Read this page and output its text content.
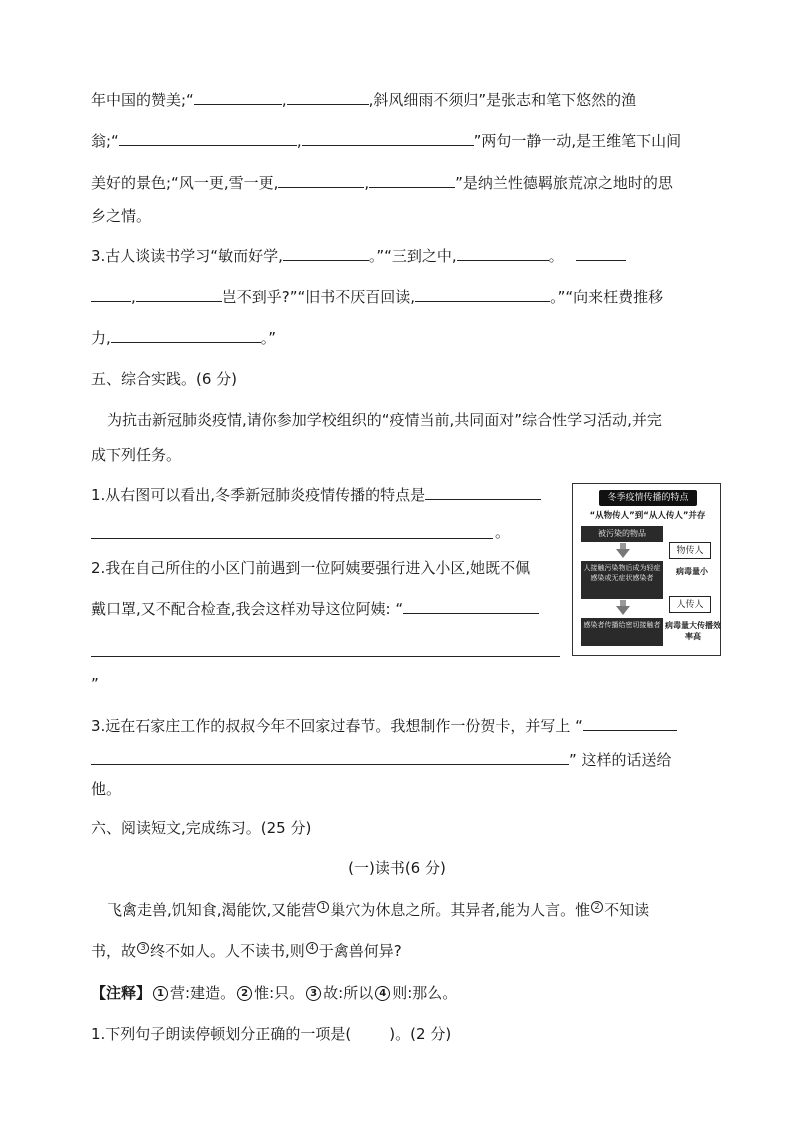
年中国的赞美;“	,	,斜风细雨不须归”是张志和笔下悠然的渔
翁;“	,	”两句一静一动,是王维笔下山间
美好的景色;“风一更,雪一更,	,	”是纳兰性德羁旅荒凉之地时的思
乡之情。
3.古人谈读书学习“敏而好学,	。”“三到之中,	。
,	岂不到乎?”“旧书不厌百回读,	。”“向来枉费推移
力,	。”
五、综合实践。(6 分)
为抗击新冠肺炎疫情,请你参加学校组织的“疫情当前,共同面对”综合性学习活动,并完
成下列任务。
1.从右图可以看出,冬季新冠肺炎疫情传播的特点是
。
2.我在自己所住的小区门前遇到一位阿姨要强行进入小区,她既不佩
戴口罩,又不配合检查,我会这样劝导这位阿姨: “
”
3.远在石家庄工作的叔叔今年不回家过春节。我想制作一份贺卡，并写上 “
” 这样的话送给
他。
冬季疫情传播的特点
“从物传人”到“从人传人”并存
被污染的物品
人接触污染物后成为轻症感染或无症状感染者
感染者传播给密切接触者
物传人
病毒量小
人传人
病毒量大传播效率高
六、阅读短文,完成练习。(25 分)
(一)读书(6 分)
飞禽走兽,饥知食,渴能饮,又能营 1 巢穴为休息之所。其异者,能为人言。惟 2 不知读
书，故 3 终不如人。人不读书,则 4 于禽兽何异?
【注释】 1 营:建造。 2 惟:只。 3 故:所以 4 则:那么。
1.下列句子朗读停顿划分正确的一项是(        )。(2 分)
